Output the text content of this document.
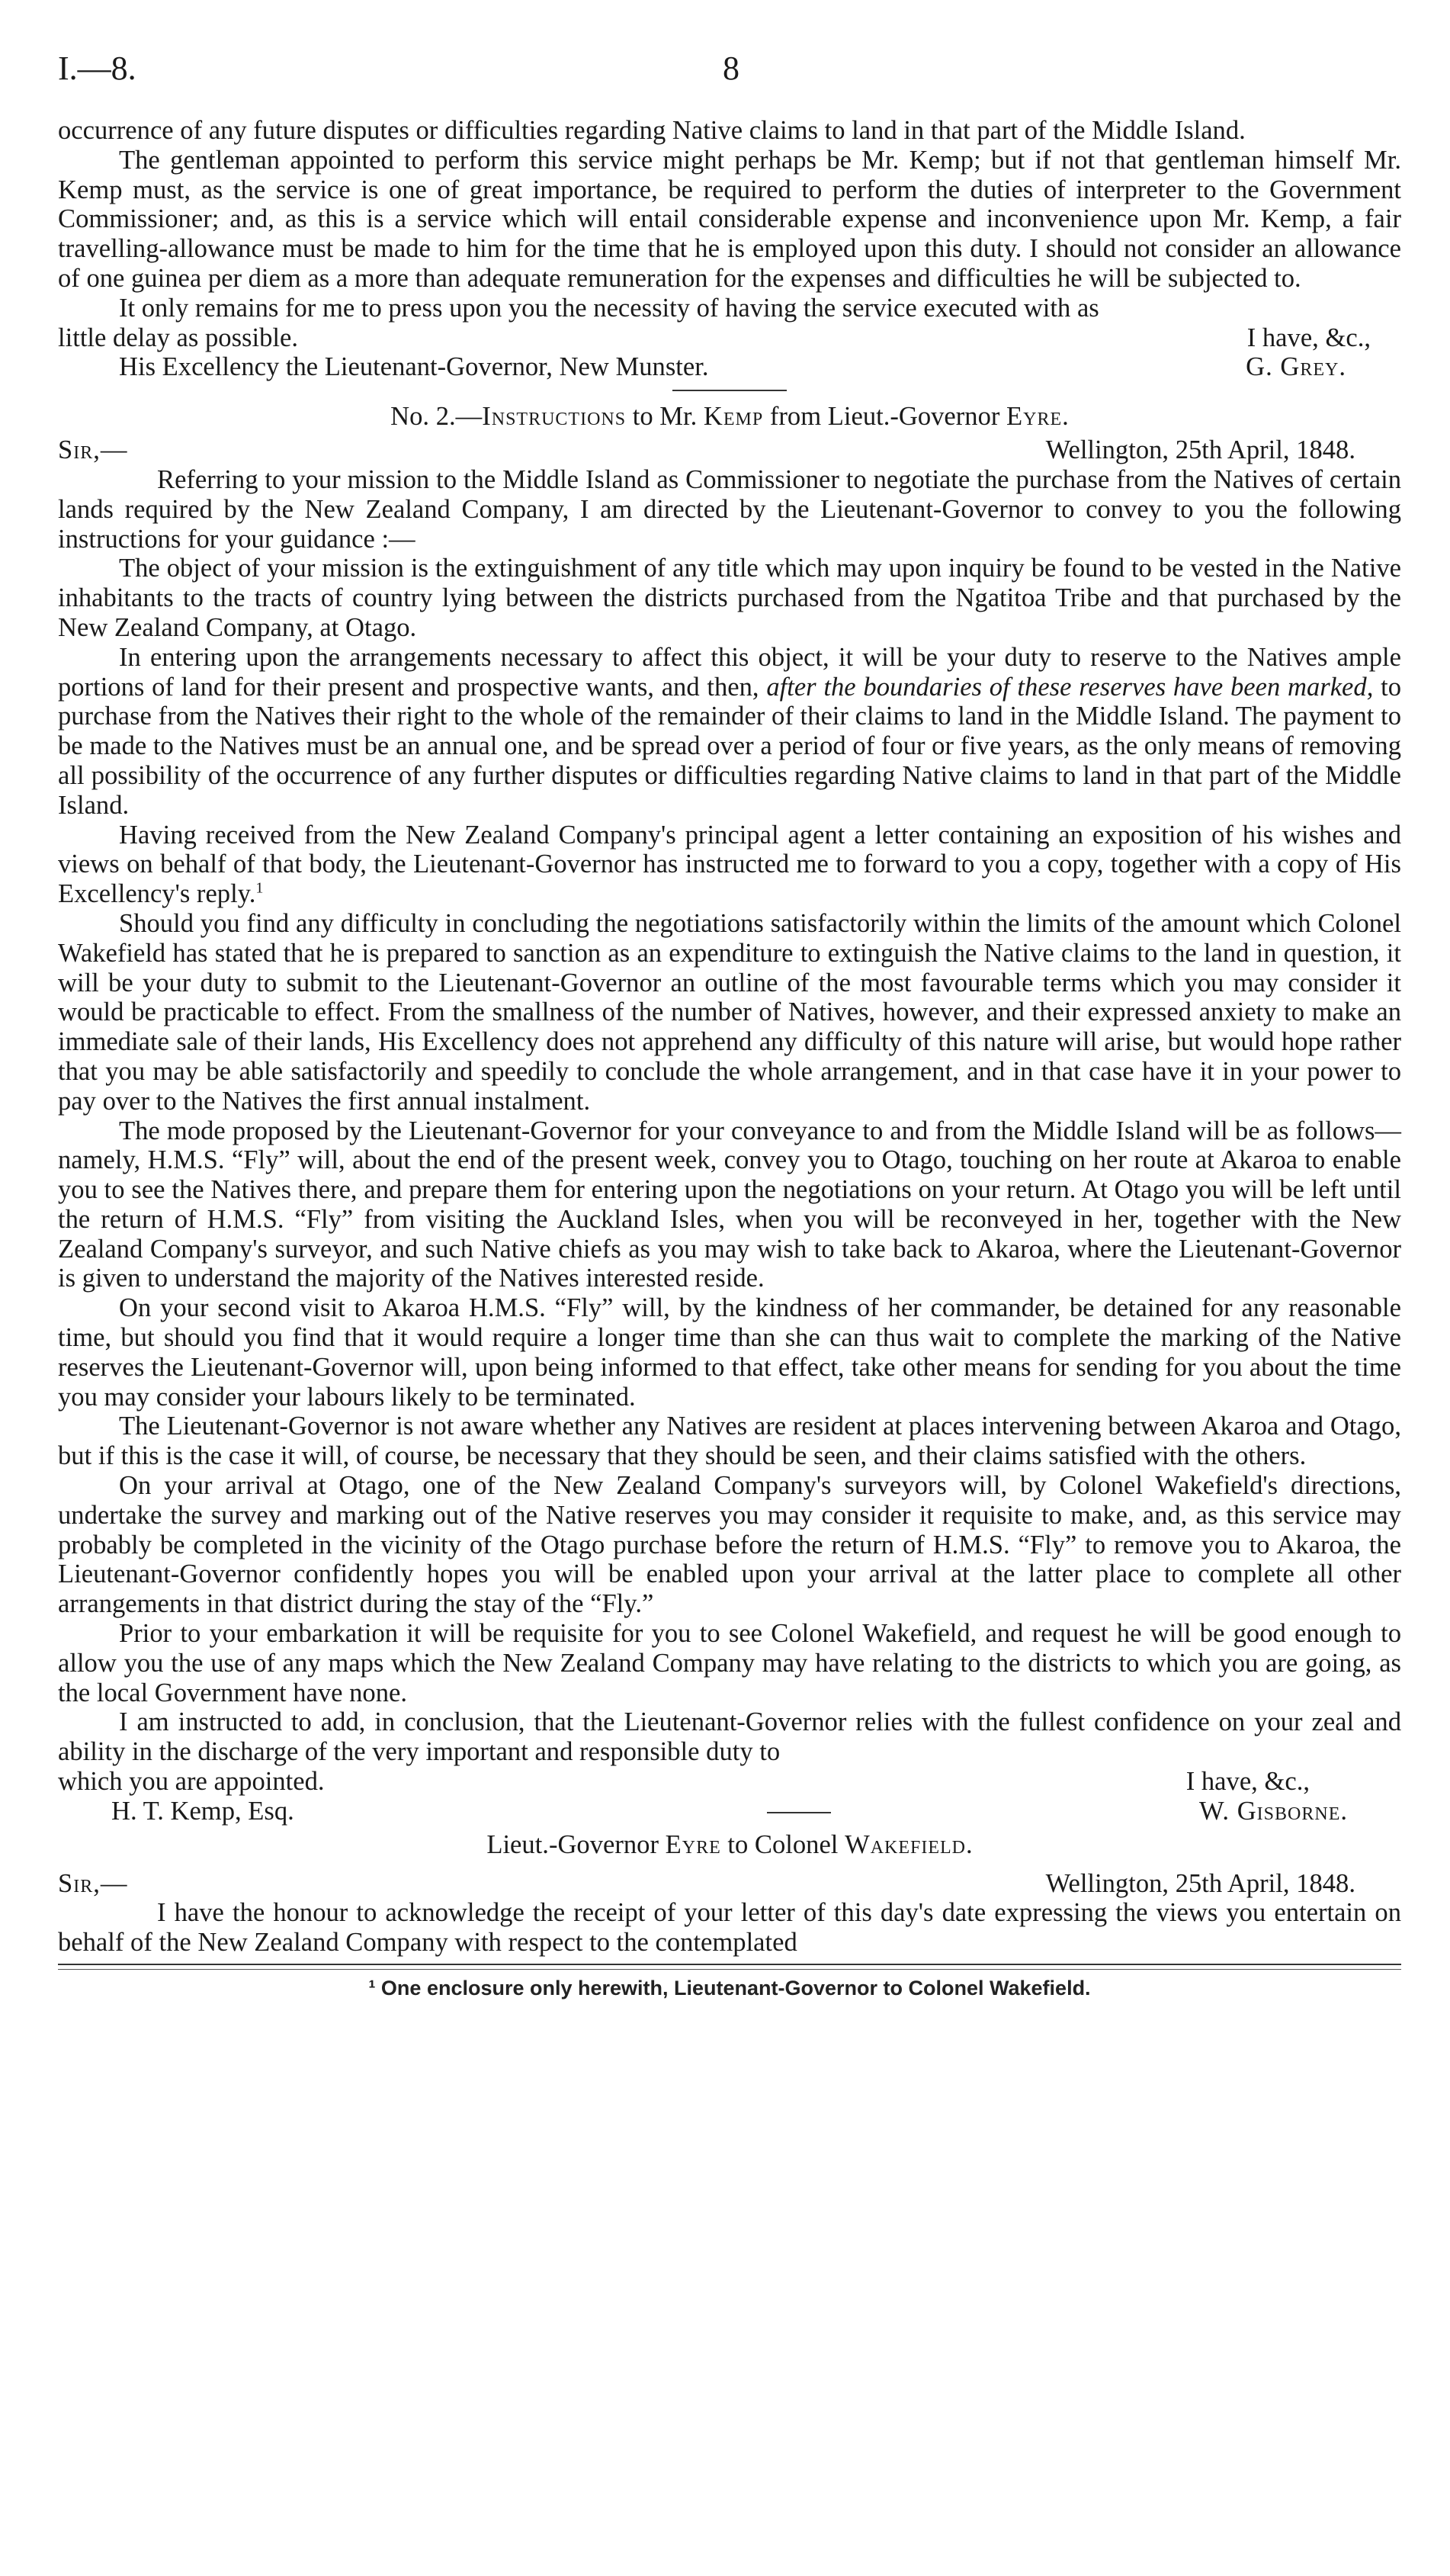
I.—8.	8

occurrence of any future disputes or difficulties regarding Native claims to land in that part of the Middle Island.

The gentleman appointed to perform this service might perhaps be Mr. Kemp; but if not that gentleman himself Mr. Kemp must, as the service is one of great importance, be required to perform the duties of interpreter to the Government Commissioner; and, as this is a service which will entail considerable expense and inconvenience upon Mr. Kemp, a fair travelling-allowance must be made to him for the time that he is employed upon this duty. I should not consider an allowance of one guinea per diem as a more than adequate remuneration for the expenses and difficulties he will be subjected to.

It only remains for me to press upon you the necessity of having the service executed with as

little delay as possible.	I have, &c.,
His Excellency the Lieutenant-Governor, New Munster.	G. Grey.
No. 2.—Instructions to Mr. Kemp from Lieut.-Governor Eyre.
Sir,—	Wellington, 25th April, 1848.

Referring to your mission to the Middle Island as Commissioner to negotiate the purchase from the Natives of certain lands required by the New Zealand Company, I am directed by the Lieutenant-Governor to convey to you the following instructions for your guidance :—

The object of your mission is the extinguishment of any title which may upon inquiry be found to be vested in the Native inhabitants to the tracts of country lying between the districts purchased from the Ngatitoa Tribe and that purchased by the New Zealand Company, at Otago.

In entering upon the arrangements necessary to affect this object, it will be your duty to reserve to the Natives ample portions of land for their present and prospective wants, and then, after the boundaries of these reserves have been marked, to purchase from the Natives their right to the whole of the remainder of their claims to land in the Middle Island. The payment to be made to the Natives must be an annual one, and be spread over a period of four or five years, as the only means of removing all possibility of the occurrence of any further disputes or difficulties regarding Native claims to land in that part of the Middle Island.

Having received from the New Zealand Company's principal agent a letter containing an exposition of his wishes and views on behalf of that body, the Lieutenant-Governor has instructed me to forward to you a copy, together with a copy of His Excellency's reply.$^1$

Should you find any difficulty in concluding the negotiations satisfactorily within the limits of the amount which Colonel Wakefield has stated that he is prepared to sanction as an expenditure to extinguish the Native claims to the land in question, it will be your duty to submit to the Lieutenant-Governor an outline of the most favourable terms which you may consider it would be practicable to effect. From the smallness of the number of Natives, however, and their expressed anxiety to make an immediate sale of their lands, His Excellency does not apprehend any difficulty of this nature will arise, but would hope rather that you may be able satisfactorily and speedily to conclude the whole arrangement, and in that case have it in your power to pay over to the Natives the first annual instalment.

The mode proposed by the Lieutenant-Governor for your conveyance to and from the Middle Island will be as follows—namely, H.M.S. “Fly” will, about the end of the present week, convey you to Otago, touching on her route at Akaroa to enable you to see the Natives there, and prepare them for entering upon the negotiations on your return. At Otago you will be left until the return of H.M.S. “Fly” from visiting the Auckland Isles, when you will be reconveyed in her, together with the New Zealand Company's surveyor, and such Native chiefs as you may wish to take back to Akaroa, where the Lieutenant-Governor is given to understand the majority of the Natives interested reside.

On your second visit to Akaroa H.M.S. “Fly” will, by the kindness of her commander, be detained for any reasonable time, but should you find that it would require a longer time than she can thus wait to complete the marking of the Native reserves the Lieutenant-Governor will, upon being informed to that effect, take other means for sending for you about the time you may consider your labours likely to be terminated.

The Lieutenant-Governor is not aware whether any Natives are resident at places intervening between Akaroa and Otago, but if this is the case it will, of course, be necessary that they should be seen, and their claims satisfied with the others.

On your arrival at Otago, one of the New Zealand Company's surveyors will, by Colonel Wakefield's directions, undertake the survey and marking out of the Native reserves you may consider it requisite to make, and, as this service may probably be completed in the vicinity of the Otago purchase before the return of H.M.S. “Fly” to remove you to Akaroa, the Lieutenant-Governor confidently hopes you will be enabled upon your arrival at the latter place to complete all other arrangements in that district during the stay of the “Fly.”

Prior to your embarkation it will be requisite for you to see Colonel Wakefield, and request he will be good enough to allow you the use of any maps which the New Zealand Company may have relating to the districts to which you are going, as the local Government have none.

I am instructed to add, in conclusion, that the Lieutenant-Governor relies with the fullest confidence on your zeal and ability in the discharge of the very important and responsible duty to

which you are appointed.	I have, &c.,
H. T. Kemp, Esq.	W. Gisborne.
Lieut.-Governor Eyre to Colonel Wakefield.
Sir,—	Wellington, 25th April, 1848.

I have the honour to acknowledge the receipt of your letter of this day's date expressing the views you entertain on behalf of the New Zealand Company with respect to the contemplated

¹ One enclosure only herewith, Lieutenant-Governor to Colonel Wakefield.
